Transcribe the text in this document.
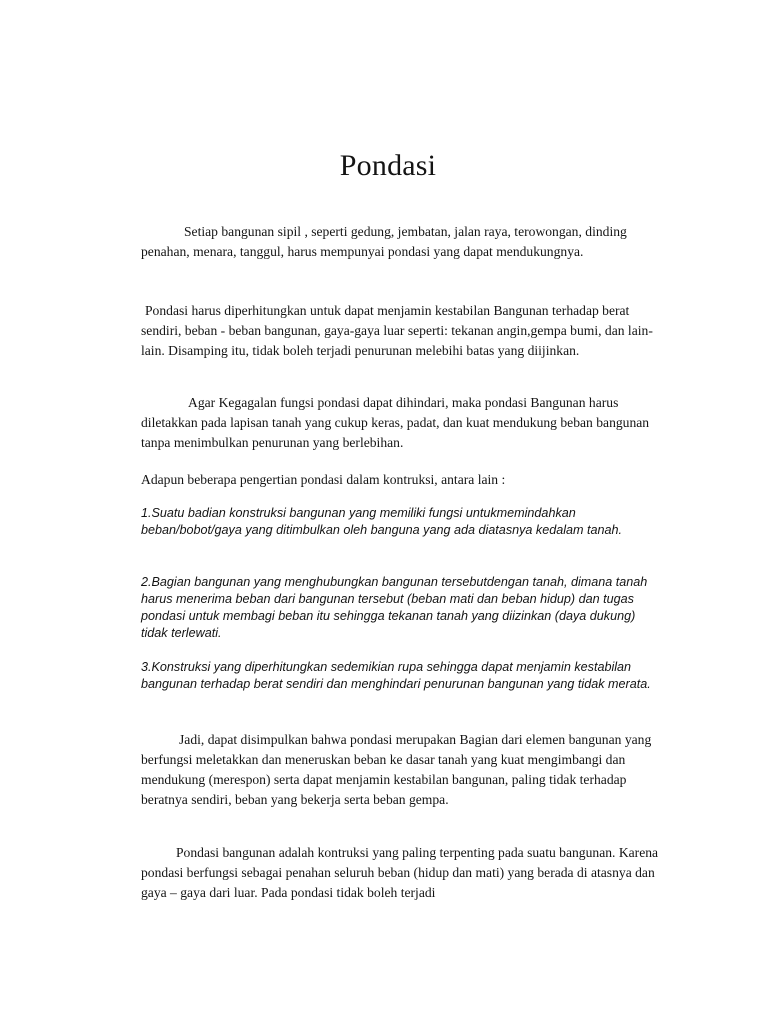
Pondasi

Setiap bangunan sipil , seperti gedung, jembatan, jalan raya, terowongan, dinding penahan, menara, tanggul, harus mempunyai pondasi yang dapat mendukungnya.

Pondasi harus diperhitungkan untuk dapat menjamin kestabilan Bangunan terhadap berat sendiri, beban - beban bangunan, gaya-gaya luar seperti: tekanan angin,gempa bumi, dan lain-lain. Disamping itu, tidak boleh terjadi penurunan melebihi batas yang diijinkan.

Agar Kegagalan fungsi pondasi dapat dihindari, maka pondasi Bangunan harus diletakkan pada lapisan tanah yang cukup keras, padat, dan kuat mendukung beban bangunan tanpa menimbulkan penurunan yang berlebihan.

Adapun beberapa pengertian pondasi dalam kontruksi, antara lain :

1.Suatu badian konstruksi bangunan yang memiliki fungsi untukmemindahkan beban/bobot/gaya yang ditimbulkan oleh banguna yang ada diatasnya kedalam tanah.

2.Bagian bangunan yang menghubungkan bangunan tersebutdengan tanah, dimana tanah harus menerima beban dari bangunan tersebut (beban mati dan beban hidup) dan tugas pondasi untuk membagi beban itu sehingga tekanan tanah yang diizinkan (daya dukung) tidak terlewati.

3.Konstruksi yang diperhitungkan sedemikian rupa sehingga dapat menjamin kestabilan bangunan terhadap berat sendiri dan menghindari penurunan bangunan yang tidak merata.

Jadi, dapat disimpulkan bahwa pondasi merupakan Bagian dari elemen bangunan yang berfungsi meletakkan dan meneruskan beban ke dasar tanah yang kuat mengimbangi dan mendukung (merespon) serta dapat menjamin kestabilan bangunan, paling tidak terhadap beratnya sendiri, beban yang bekerja serta beban gempa.

Pondasi bangunan adalah kontruksi yang paling terpenting pada suatu bangunan. Karena pondasi berfungsi sebagai penahan seluruh beban (hidup dan mati) yang berada di atasnya dan gaya – gaya dari luar. Pada pondasi tidak boleh terjadi
